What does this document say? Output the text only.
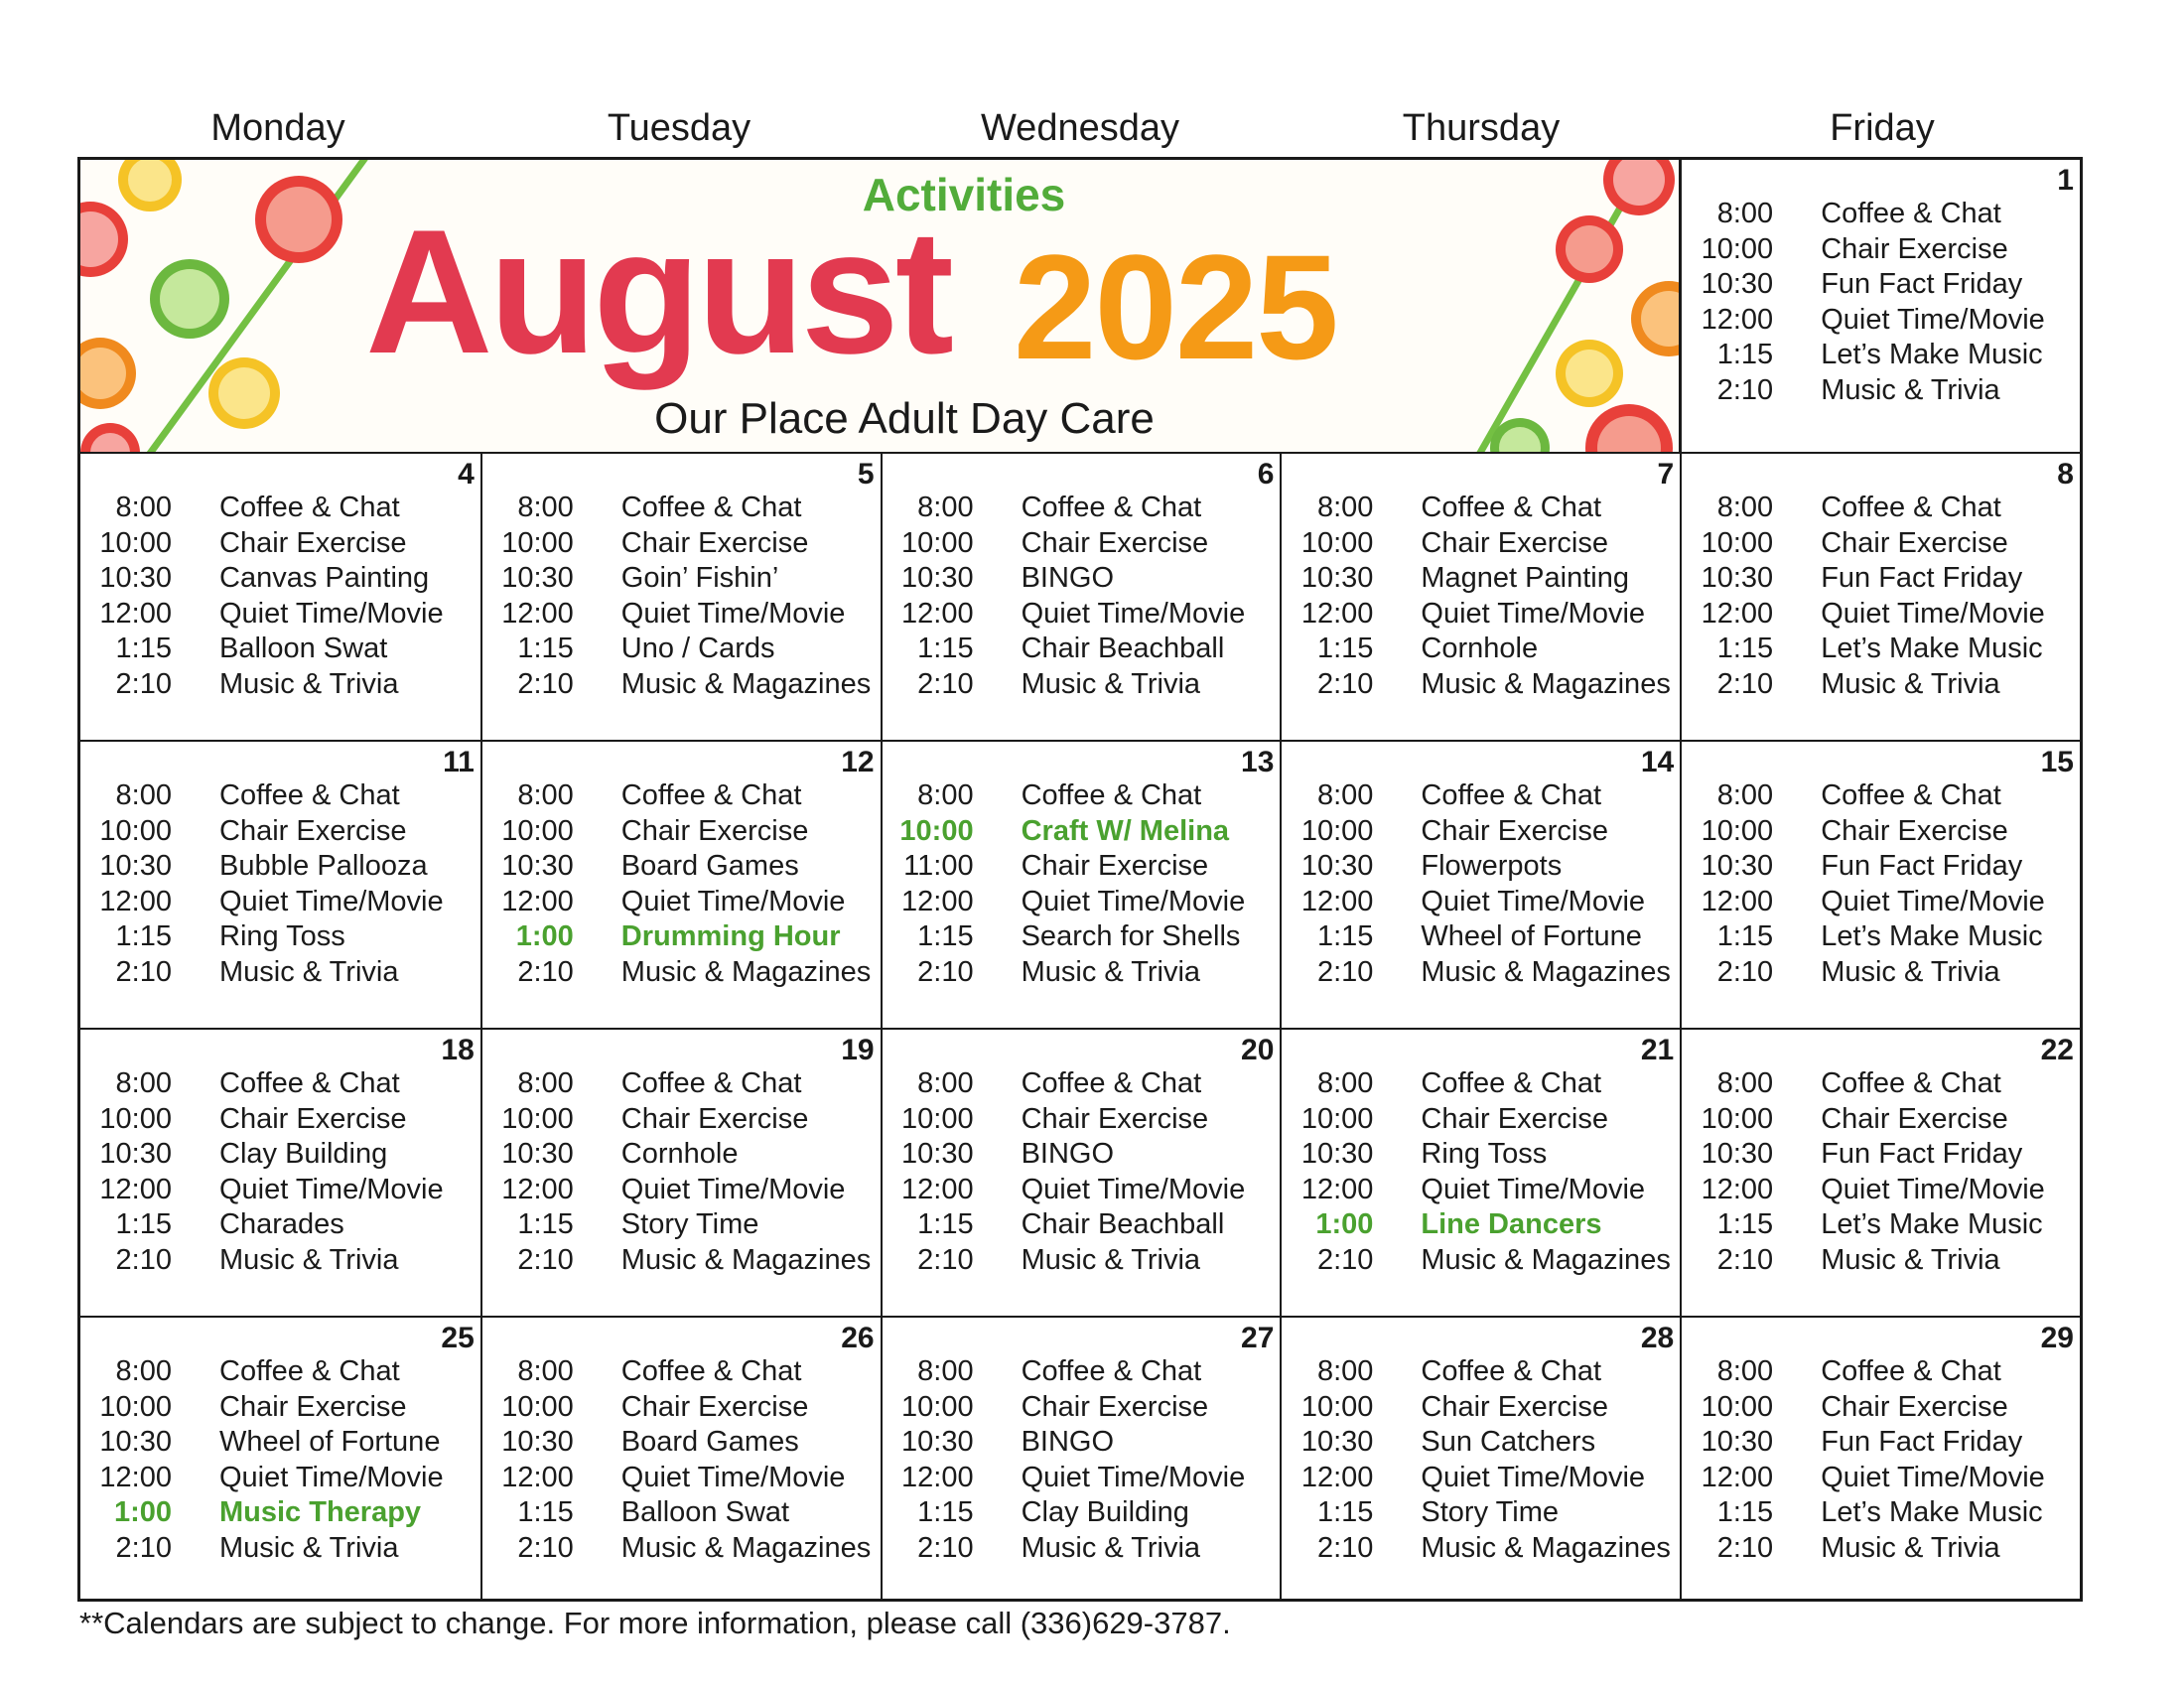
Monday	Tuesday	Wednesday	Thursday	Friday
Activities
August 2025
Our Place Adult Day Care
1
8:00 Coffee & Chat
10:00 Chair Exercise
10:30 Fun Fact Friday
12:00 Quiet Time/Movie
1:15 Let’s Make Music
2:10 Music & Trivia
4
8:00 Coffee & Chat
10:00 Chair Exercise
10:30 Canvas Painting
12:00 Quiet Time/Movie
1:15 Balloon Swat
2:10 Music & Trivia
5
8:00 Coffee & Chat
10:00 Chair Exercise
10:30 Goin’ Fishin’
12:00 Quiet Time/Movie
1:15 Uno / Cards
2:10 Music & Magazines
6
8:00 Coffee & Chat
10:00 Chair Exercise
10:30 BINGO
12:00 Quiet Time/Movie
1:15 Chair Beachball
2:10 Music & Trivia
7
8:00 Coffee & Chat
10:00 Chair Exercise
10:30 Magnet Painting
12:00 Quiet Time/Movie
1:15 Cornhole
2:10 Music & Magazines
8
8:00 Coffee & Chat
10:00 Chair Exercise
10:30 Fun Fact Friday
12:00 Quiet Time/Movie
1:15 Let’s Make Music
2:10 Music & Trivia
11
8:00 Coffee & Chat
10:00 Chair Exercise
10:30 Bubble Pallooza
12:00 Quiet Time/Movie
1:15 Ring Toss
2:10 Music & Trivia
12
8:00 Coffee & Chat
10:00 Chair Exercise
10:30 Board Games
12:00 Quiet Time/Movie
1:00 Drumming Hour
2:10 Music & Magazines
13
8:00 Coffee & Chat
10:00 Craft W/ Melina
11:00 Chair Exercise
12:00 Quiet Time/Movie
1:15 Search for Shells
2:10 Music & Trivia
14
8:00 Coffee & Chat
10:00 Chair Exercise
10:30 Flowerpots
12:00 Quiet Time/Movie
1:15 Wheel of Fortune
2:10 Music & Magazines
15
8:00 Coffee & Chat
10:00 Chair Exercise
10:30 Fun Fact Friday
12:00 Quiet Time/Movie
1:15 Let’s Make Music
2:10 Music & Trivia
18
8:00 Coffee & Chat
10:00 Chair Exercise
10:30 Clay Building
12:00 Quiet Time/Movie
1:15 Charades
2:10 Music & Trivia
19
8:00 Coffee & Chat
10:00 Chair Exercise
10:30 Cornhole
12:00 Quiet Time/Movie
1:15 Story Time
2:10 Music & Magazines
20
8:00 Coffee & Chat
10:00 Chair Exercise
10:30 BINGO
12:00 Quiet Time/Movie
1:15 Chair Beachball
2:10 Music & Trivia
21
8:00 Coffee & Chat
10:00 Chair Exercise
10:30 Ring Toss
12:00 Quiet Time/Movie
1:00 Line Dancers
2:10 Music & Magazines
22
8:00 Coffee & Chat
10:00 Chair Exercise
10:30 Fun Fact Friday
12:00 Quiet Time/Movie
1:15 Let’s Make Music
2:10 Music & Trivia
25
8:00 Coffee & Chat
10:00 Chair Exercise
10:30 Wheel of Fortune
12:00 Quiet Time/Movie
1:00 Music Therapy
2:10 Music & Trivia
26
8:00 Coffee & Chat
10:00 Chair Exercise
10:30 Board Games
12:00 Quiet Time/Movie
1:15 Balloon Swat
2:10 Music & Magazines
27
8:00 Coffee & Chat
10:00 Chair Exercise
10:30 BINGO
12:00 Quiet Time/Movie
1:15 Clay Building
2:10 Music & Trivia
28
8:00 Coffee & Chat
10:00 Chair Exercise
10:30 Sun Catchers
12:00 Quiet Time/Movie
1:15 Story Time
2:10 Music & Magazines
29
8:00 Coffee & Chat
10:00 Chair Exercise
10:30 Fun Fact Friday
12:00 Quiet Time/Movie
1:15 Let’s Make Music
2:10 Music & Trivia
**Calendars are subject to change. For more information, please call (336)629-3787.
